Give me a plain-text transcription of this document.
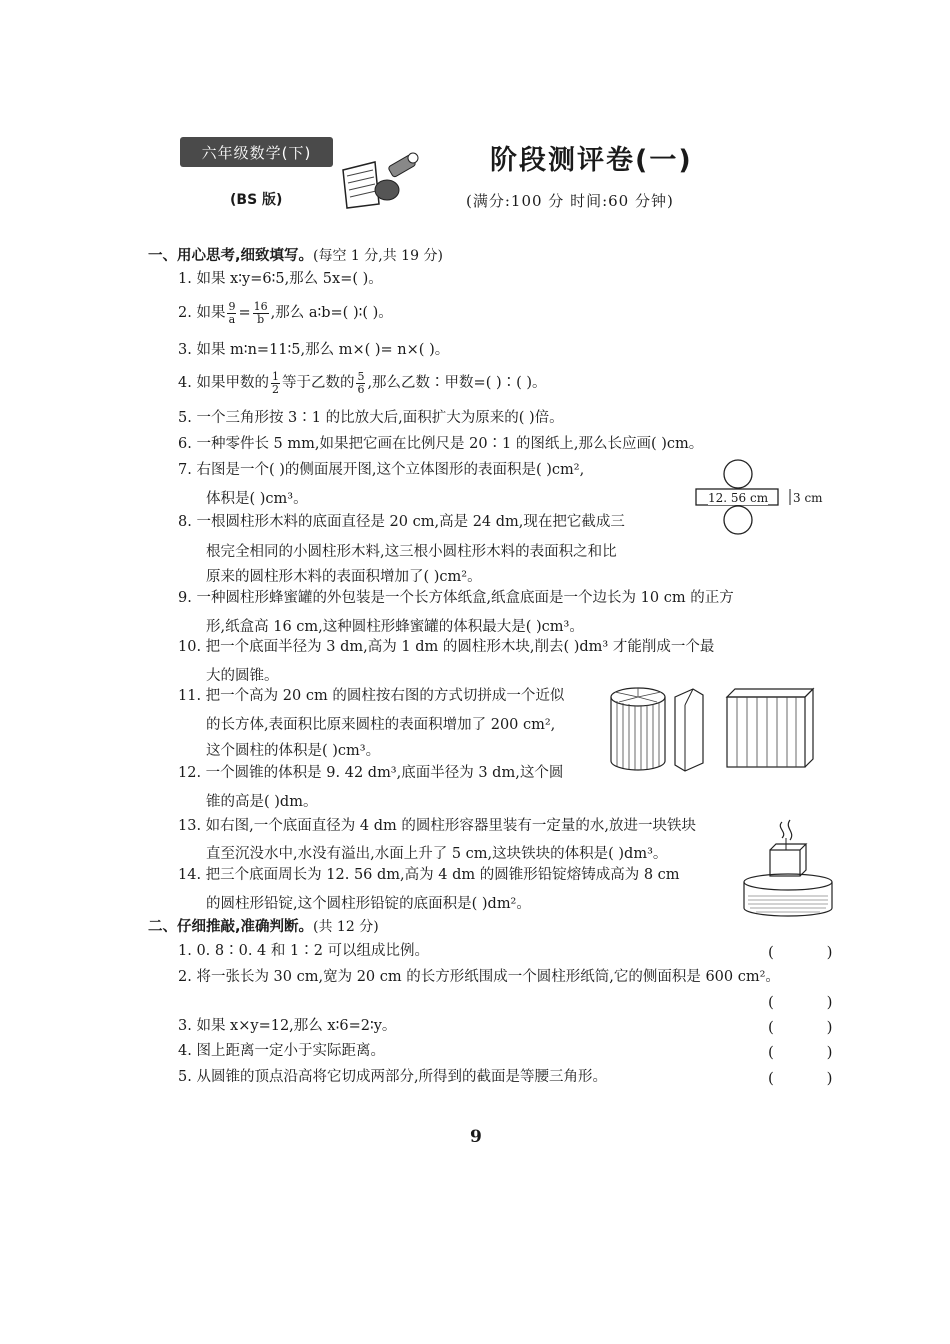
六年级数学(下)
(BS 版)
阶段测评卷(一)
(满分:100 分 时间:60 分钟)
一、用心思考,细致填写。(每空 1 分,共 19 分)
1. 如果 x∶y=6∶5,那么 5x=( )。
2. 如果 $\frac{9}{a} = \frac{16}{b}$ ,那么 a∶b=( )∶( )。
3. 如果 m∶n=11∶5,那么 m×( )= n×( )。
4. 如果甲数的 $\frac{1}{2}$ 等于乙数的 $\frac{5}{6}$ ,那么乙数∶甲数=( )∶( )。
5. 一个三角形按 3∶1 的比放大后,面积扩大为原来的( )倍。
6. 一种零件长 5 mm,如果把它画在比例尺是 20∶1 的图纸上,那么长应画( )cm。
7. 右图是一个( )的侧面展开图,这个立体图形的表面积是( )cm²,
体积是( )cm³。	12. 56 cm 3 cm
8. 一根圆柱形木料的底面直径是 20 cm,高是 24 dm,现在把它截成三
根完全相同的小圆柱形木料,这三根小圆柱形木料的表面积之和比
原来的圆柱形木料的表面积增加了( )cm²。
9. 一种圆柱形蜂蜜罐的外包装是一个长方体纸盒,纸盒底面是一个边长为 10 cm 的正方
形,纸盒高 16 cm,这种圆柱形蜂蜜罐的体积最大是( )cm³。
10. 把一个底面半径为 3 dm,高为 1 dm 的圆柱形木块,削去( )dm³ 才能削成一个最
大的圆锥。
11. 把一个高为 20 cm 的圆柱按右图的方式切拼成一个近似
的长方体,表面积比原来圆柱的表面积增加了 200 cm²,
这个圆柱的体积是( )cm³。
12. 一个圆锥的体积是 9. 42 dm³,底面半径为 3 dm,这个圆
锥的高是( )dm。
13. 如右图,一个底面直径为 4 dm 的圆柱形容器里装有一定量的水,放进一块铁块
直至沉没水中,水没有溢出,水面上升了 5 cm,这块铁块的体积是( )dm³。
14. 把三个底面周长为 12. 56 dm,高为 4 dm 的圆锥形铅锭熔铸成高为 8 cm
的圆柱形铅锭,这个圆柱形铅锭的底面积是( )dm²。
二、仔细推敲,准确判断。(共 12 分)
1. 0. 8∶0. 4 和 1∶2 可以组成比例。	( )
2. 将一张长为 30 cm,宽为 20 cm 的长方形纸围成一个圆柱形纸筒,它的侧面积是 600 cm²。
( )
3. 如果 x×y=12,那么 x∶6=2∶y。	( )
4. 图上距离一定小于实际距离。	( )
5. 从圆锥的顶点沿高将它切成两部分,所得到的截面是等腰三角形。	( )
9
